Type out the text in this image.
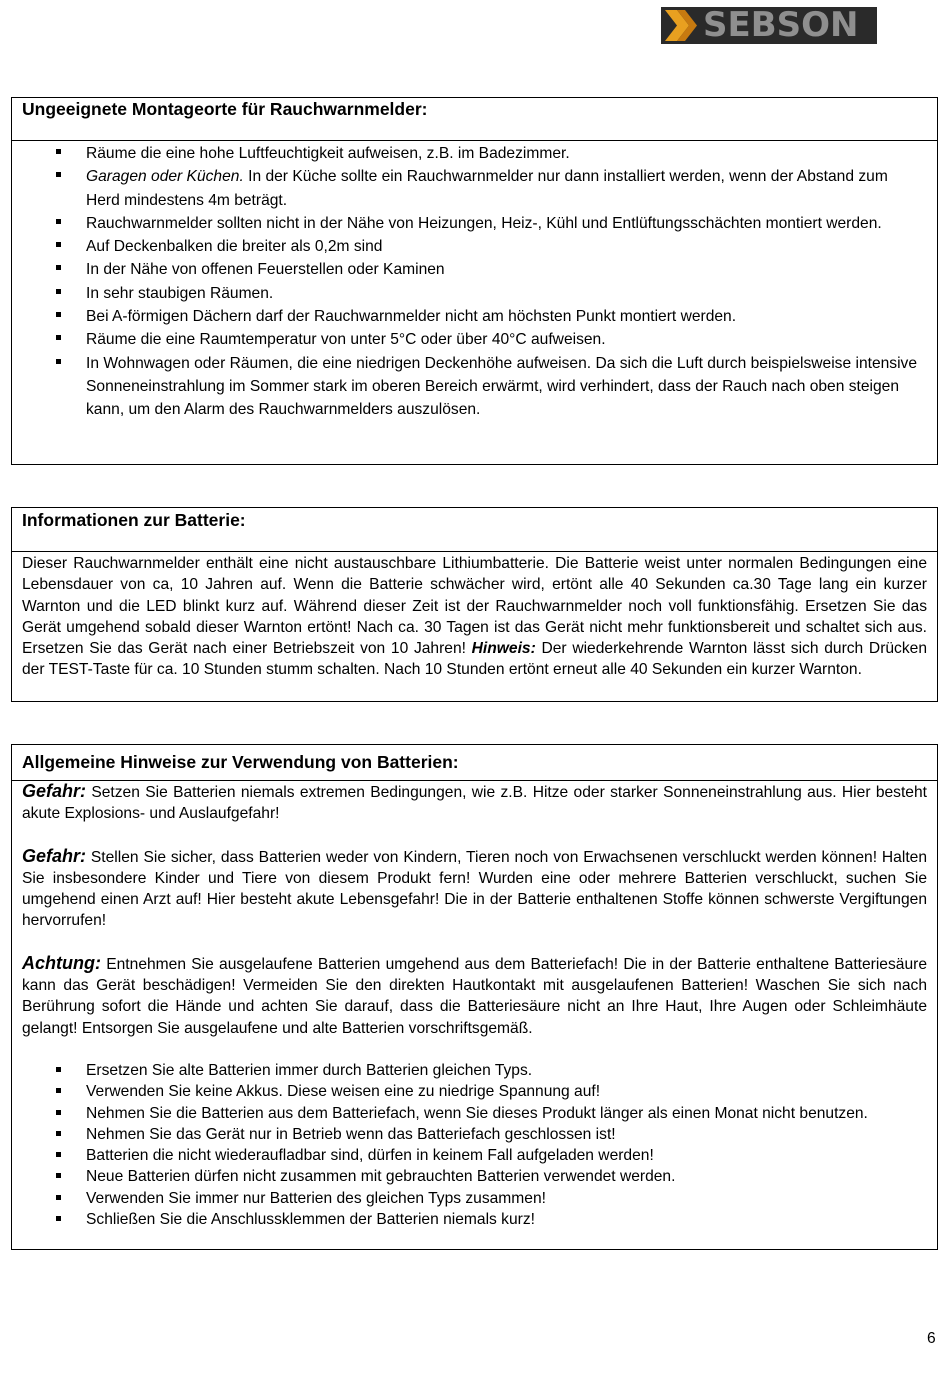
SEBSON
Ungeeignete Montageorte für Rauchwarnmelder:
Räume die eine hohe Luftfeuchtigkeit aufweisen, z.B. im Badezimmer.
Garagen oder Küchen. In der Küche sollte ein Rauchwarnmelder nur dann installiert werden, wenn der Abstand zum Herd mindestens 4m beträgt.
Rauchwarnmelder sollten nicht in der Nähe von Heizungen, Heiz-, Kühl und Entlüftungsschächten montiert werden.
Auf Deckenbalken die breiter als 0,2m sind
In der Nähe von offenen Feuerstellen oder Kaminen
In sehr staubigen Räumen.
Bei A-förmigen Dächern darf der Rauchwarnmelder nicht am höchsten Punkt montiert werden.
Räume die eine Raumtemperatur von unter 5°C oder über 40°C aufweisen.
In Wohnwagen oder Räumen, die eine niedrigen Deckenhöhe aufweisen. Da sich die Luft durch beispielsweise intensive Sonneneinstrahlung im Sommer stark im oberen Bereich erwärmt, wird verhindert, dass der Rauch nach oben steigen kann, um den Alarm des Rauchwarnmelders auszulösen.
Informationen zur Batterie:
Dieser Rauchwarnmelder enthält eine nicht austauschbare Lithiumbatterie. Die Batterie weist unter normalen Bedingungen eine Lebensdauer von ca, 10 Jahren auf. Wenn die Batterie schwächer wird, ertönt alle 40 Sekunden ca.30 Tage lang ein kurzer Warnton und die LED blinkt kurz auf. Während dieser Zeit ist der Rauchwarnmelder noch voll funktionsfähig. Ersetzen Sie das Gerät umgehend sobald dieser Warnton ertönt! Nach ca. 30 Tagen ist das Gerät nicht mehr funktionsbereit und schaltet sich aus. Ersetzen Sie das Gerät nach einer Betriebszeit von 10 Jahren! Hinweis: Der wiederkehrende Warnton lässt sich durch Drücken der TEST-Taste für ca. 10 Stunden stumm schalten. Nach 10 Stunden ertönt erneut alle 40 Sekunden ein kurzer Warnton.
Allgemeine Hinweise zur Verwendung von Batterien:
Gefahr: Setzen Sie Batterien niemals extremen Bedingungen, wie z.B. Hitze oder starker Sonneneinstrahlung aus. Hier besteht akute Explosions- und Auslaufgefahr!
Gefahr: Stellen Sie sicher, dass Batterien weder von Kindern, Tieren noch von Erwachsenen verschluckt werden können! Halten Sie insbesondere Kinder und Tiere von diesem Produkt fern! Wurden eine oder mehrere Batterien verschluckt, suchen Sie umgehend einen Arzt auf! Hier besteht akute Lebensgefahr! Die in der Batterie enthaltenen Stoffe können schwerste Vergiftungen hervorrufen!
Achtung: Entnehmen Sie ausgelaufene Batterien umgehend aus dem Batteriefach! Die in der Batterie enthaltene Batteriesäure kann das Gerät beschädigen! Vermeiden Sie den direkten Hautkontakt mit ausgelaufenen Batterien! Waschen Sie sich nach Berührung sofort die Hände und achten Sie darauf, dass die Batteriesäure nicht an Ihre Haut, Ihre Augen oder Schleimhäute gelangt! Entsorgen Sie ausgelaufene und alte Batterien vorschriftsgemäß.
Ersetzen Sie alte Batterien immer durch Batterien gleichen Typs.
Verwenden Sie keine Akkus. Diese weisen eine zu niedrige Spannung auf!
Nehmen Sie die Batterien aus dem Batteriefach, wenn Sie dieses Produkt länger als einen Monat nicht benutzen.
Nehmen Sie das Gerät nur in Betrieb wenn das Batteriefach geschlossen ist!
Batterien die nicht wiederaufladbar sind, dürfen in keinem Fall aufgeladen werden!
Neue Batterien dürfen nicht zusammen mit gebrauchten Batterien verwendet werden.
Verwenden Sie immer nur Batterien des gleichen Typs zusammen!
Schließen Sie die Anschlussklemmen der Batterien niemals kurz!
6
